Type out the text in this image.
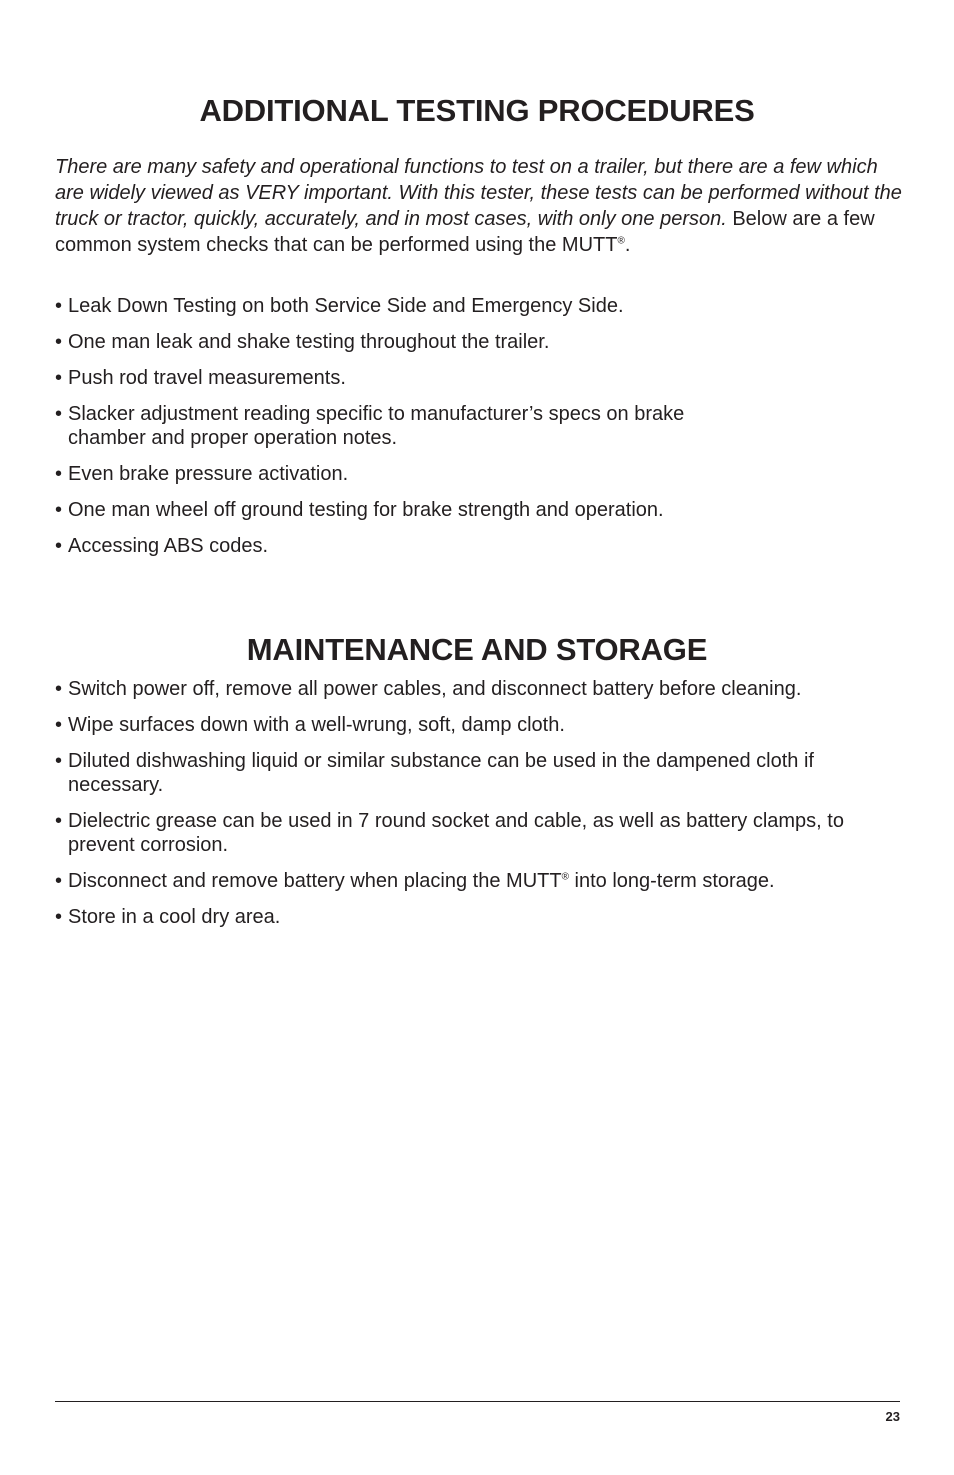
ADDITIONAL TESTING PROCEDURES

There are many safety and operational functions to test on a trailer, but there are a few which are widely viewed as VERY important. With this tester, these tests can be performed without the truck or tractor, quickly, accurately, and in most cases, with only one person. Below are a few common system checks that can be performed using the MUTT®.

• Leak Down Testing on both Service Side and Emergency Side.
• One man leak and shake testing throughout the trailer.
• Push rod travel measurements.
• Slacker adjustment reading specific to manufacturer’s specs on brake chamber and proper operation notes.
• Even brake pressure activation.
• One man wheel off ground testing for brake strength and operation.
• Accessing ABS codes.
MAINTENANCE AND STORAGE
• Switch power off, remove all power cables, and disconnect battery before cleaning.
• Wipe surfaces down with a well-wrung, soft, damp cloth.
• Diluted dishwashing liquid or similar substance can be used in the dampened cloth if necessary.
• Dielectric grease can be used in 7 round socket and cable, as well as battery clamps, to prevent corrosion.
• Disconnect and remove battery when placing the MUTT® into long-term storage.
• Store in a cool dry area.
23
